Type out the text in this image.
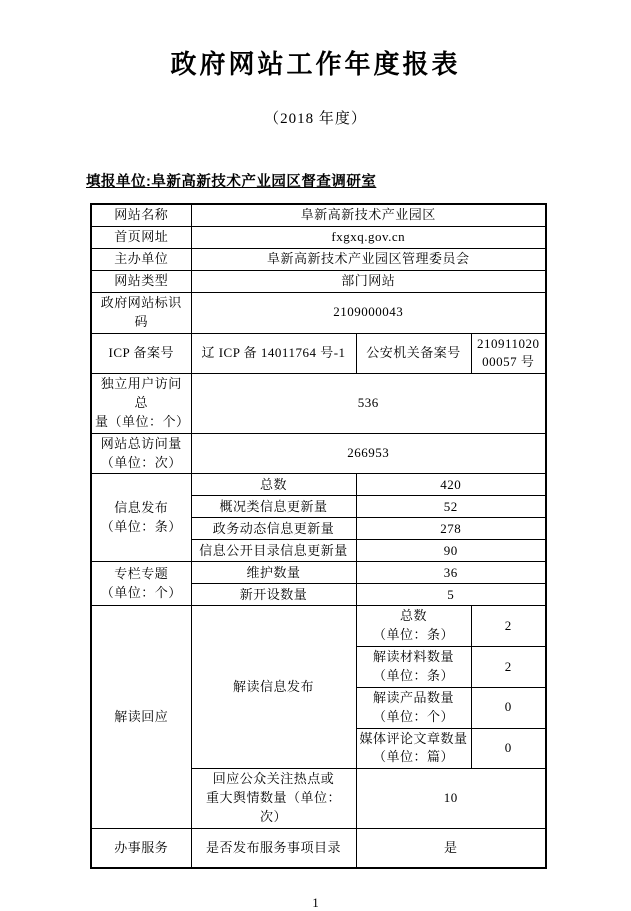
政府网站工作年度报表
（2018 年度）
填报单位:阜新高新技术产业园区督查调研室
网站名称	阜新高新技术产业园区		
首页网址	fxgxq.gov.cn		
主办单位	阜新高新技术产业园区管理委员会		
网站类型	部门网站		
政府网站标识码	2109000043		
ICP 备案号	辽 ICP 备 14011764 号-1	公安机关备案号	21091102000057 号
独立用户访问总
量（单位：个）	536		
网站总访问量
（单位：次）	266953		
信息发布
（单位：条）	总数	420	
	概况类信息更新量	52	
	政务动态信息更新量	278	
	信息公开目录信息更新量	90	
专栏专题
（单位：个）	维护数量	36	
	新开设数量	5	
解读回应	解读信息发布	总数
（单位：条）	2
		解读材料数量
（单位：条）	2
		解读产品数量
（单位：个）	0
		媒体评论文章数量
（单位：篇）	0
	回应公众关注热点或
重大舆情数量（单位：
次）	10	
办事服务	是否发布服务事项目录	是	
1
